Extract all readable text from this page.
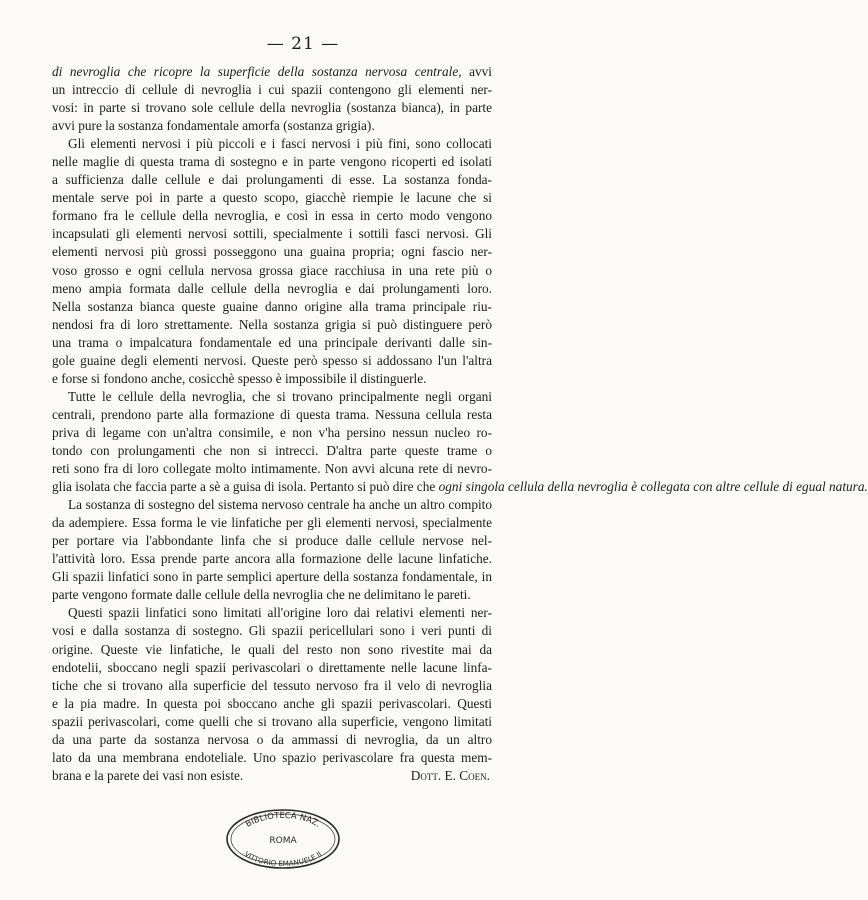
— 21 —
di nevroglia che ricopre la superficie della sostanza nervosa centrale, avvi
un intreccio di cellule di nevroglia i cui spazii contengono gli elementi ner-
vosi: in parte si trovano sole cellule della nevroglia (sostanza bianca), in parte
avvi pure la sostanza fondamentale amorfa (sostanza grigia).
Gli elementi nervosi i più piccoli e i fasci nervosi i più fini, sono collocati
nelle maglie di questa trama di sostegno e in parte vengono ricoperti ed isolati
a sufficienza dalle cellule e dai prolungamenti di esse. La sostanza fonda-
mentale serve poi in parte a questo scopo, giacchè riempie le lacune che si
formano fra le cellule della nevroglia, e così in essa in certo modo vengono
incapsulati gli elementi nervosi sottili, specialmente i sottili fasci nervosi. Gli
elementi nervosi più grossi posseggono una guaina propria; ogni fascio ner-
voso grosso e ogni cellula nervosa grossa giace racchiusa in una rete più o
meno ampia formata dalle cellule della nevroglia e dai prolungamenti loro.
Nella sostanza bianca queste guaine danno origine alla trama principale riu-
nendosi fra di loro strettamente. Nella sostanza grigia si può distinguere però
una trama o impalcatura fondamentale ed una principale derivanti dalle sin-
gole guaine degli elementi nervosi. Queste però spesso si addossano l'un l'altra
e forse si fondono anche, cosicchè spesso è impossibile il distinguerle.
Tutte le cellule della nevroglia, che si trovano principalmente negli organi
centrali, prendono parte alla formazione di questa trama. Nessuna cellula resta
priva di legame con un'altra consimile, e non v'ha persino nessun nucleo ro-
tondo con prolungamenti che non si intrecci. D'altra parte queste trame o
reti sono fra di loro collegate molto intimamente. Non avvi alcuna rete di nevro-
glia isolata che faccia parte a sè a guisa di isola. Pertanto si può dire che ogni singola cellula della nevroglia è collegata con altre cellule di egual natura.
La sostanza di sostegno del sistema nervoso centrale ha anche un altro compito
da adempiere. Essa forma le vie linfatiche per gli elementi nervosi, specialmente
per portare via l'abbondante linfa che si produce dalle cellule nervose nel-
l'attività loro. Essa prende parte ancora alla formazione delle lacune linfatiche.
Gli spazii linfatici sono in parte semplici aperture della sostanza fondamentale, in
parte vengono formate dalle cellule della nevroglia che ne delimitano le pareti.
Questi spazii linfatici sono limitati all'origine loro dai relativi elementi ner-
vosi e dalla sostanza di sostegno. Gli spazii pericellulari sono i veri punti di
origine. Queste vie linfatiche, le quali del resto non sono rivestite mai da
endotelii, sboccano negli spazii perivascolari o direttamente nelle lacune linfa-
tiche che si trovano alla superficie del tessuto nervoso fra il velo di nevroglia
e la pia madre. In questa poi sboccano anche gli spazii perivascolari. Questi
spazii perivascolari, come quelli che si trovano alla superficie, vengono limitati
da una parte da sostanza nervosa o da ammassi di nevroglia, da un altro
lato da una membrana endoteliale. Uno spazio perivascolare fra questa mem-
brana e la parete dei vasi non esiste.	Dott. E. Coen.
BIBLIOTECA NAZ.
ROMA
VITTORIO EMANUELE II
